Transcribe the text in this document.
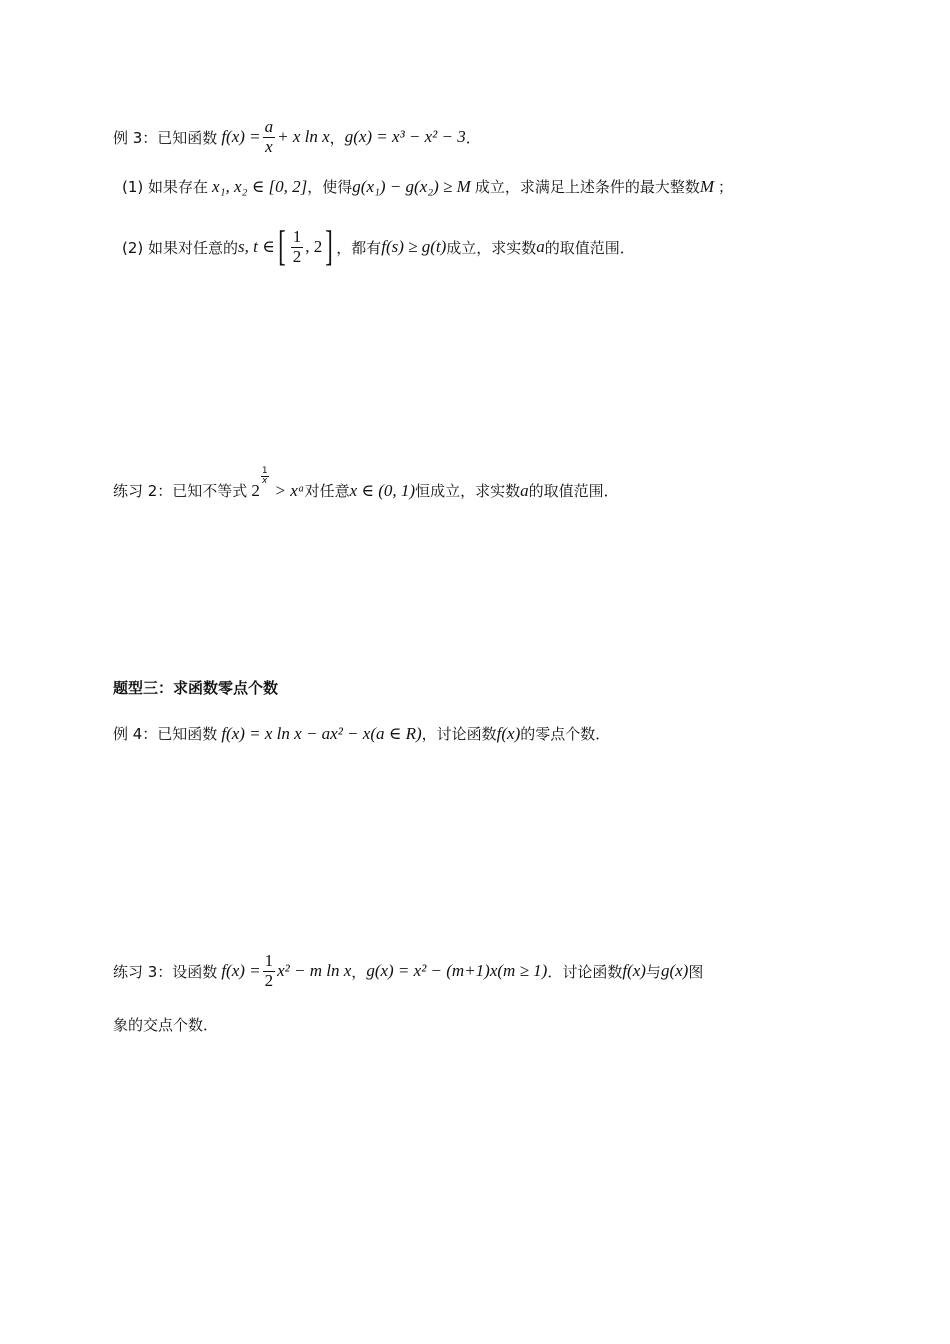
例 3：已知函数 $f(x) = \frac{a}{x} + x$ ln x ， g(x) = x³ − x² − 3 ．
(1) 如果存在 x₁, x₂ ∈ [0, 2] ，使得 g(x₁) − g(x₂) ≥ M 成立，求满足上述条件的最大整数 M ；
(2) 如果对任意的 s, t ∈ [ $\frac{1}{2}$ , 2 ] ，都有 f(s) ≥ g(t) 成立，求实数 a 的取值范围．
练习 2：已知不等式 2
$\frac{1}{x}$
> xᵃ 对任意 x ∈ (0, 1) 恒成立，求实数 a 的取值范围．
题型三：求函数零点个数
例 4：已知函数 f(x) = x ln x − ax² − x(a ∈ R) ，讨论函数 f(x) 的零点个数．
练习 3：设函数 $f(x) = \frac{1}{2} x^2 - m$ ln x ， g(x) = x² − (m+1)x(m ≥ 1) ．讨论函数 f(x) 与 g(x) 图
象的交点个数．
